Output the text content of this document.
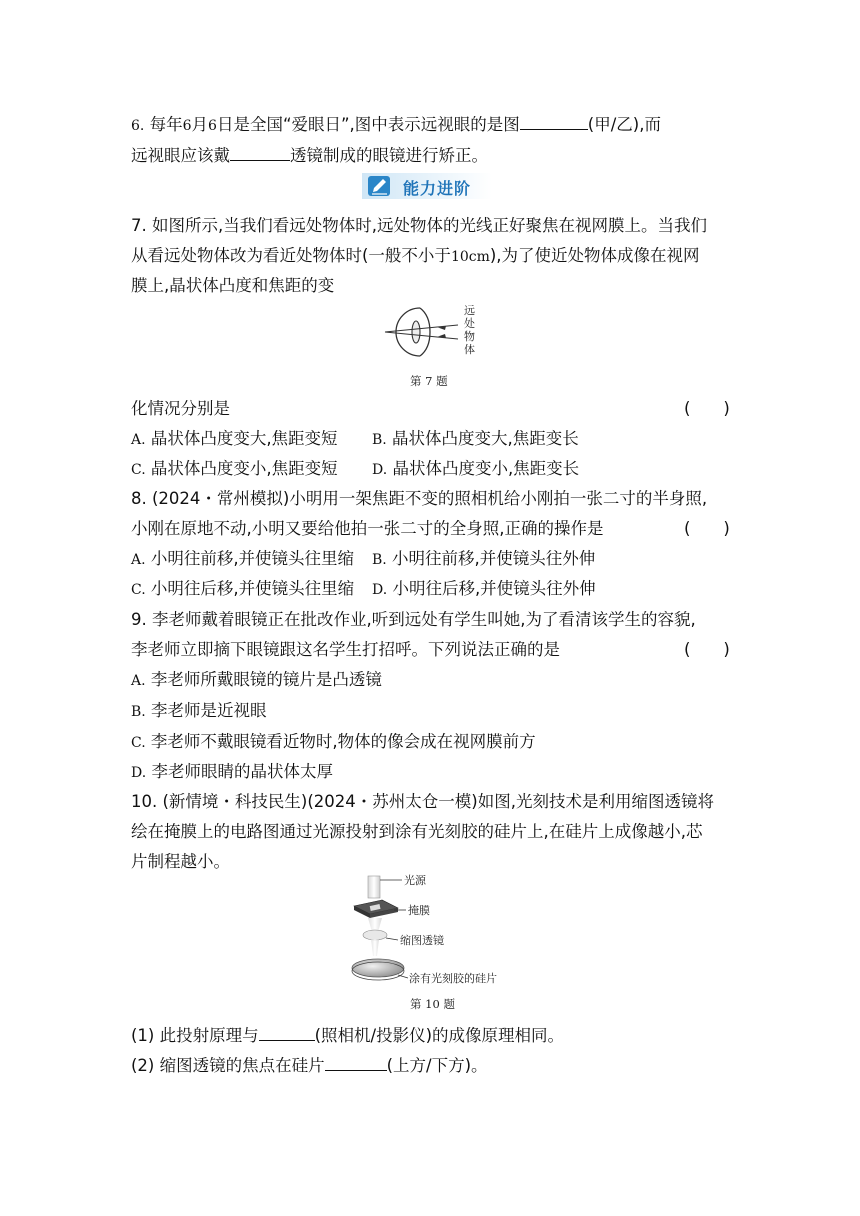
6. 每年6月6日是全国“爱眼日”,图中表示远视眼的是图	(甲/乙),而
远视眼应该戴	透镜制成的眼镜进行矫正。
能力进阶
7. 如图所示,当我们看远处物体时,远处物体的光线正好聚焦在视网膜上。当我们
从看远处物体改为看近处物体时(一般不小于10cm),为了使近处物体成像在视网
膜上,晶状体凸度和焦距的变
远
处
物
体
第 7 题
化情况分别是	(　　)
A. 晶状体凸度变大,焦距变短 B. 晶状体凸度变大,焦距变长
C. 晶状体凸度变小,焦距变短 D. 晶状体凸度变小,焦距变长
8. (2024・常州模拟)小明用一架焦距不变的照相机给小刚拍一张二寸的半身照,
小刚在原地不动,小明又要给他拍一张二寸的全身照,正确的操作是	(　　)
A. 小明往前移,并使镜头往里缩 B. 小明往前移,并使镜头往外伸
C. 小明往后移,并使镜头往里缩 D. 小明往后移,并使镜头往外伸
9. 李老师戴着眼镜正在批改作业,听到远处有学生叫她,为了看清该学生的容貌,
李老师立即摘下眼镜跟这名学生打招呼。下列说法正确的是	(　　)
A. 李老师所戴眼镜的镜片是凸透镜
B. 李老师是近视眼
C. 李老师不戴眼镜看近物时,物体的像会成在视网膜前方
D. 李老师眼睛的晶状体太厚
10. (新情境・科技民生)(2024・苏州太仓一模)如图,光刻技术是利用缩图透镜将
绘在掩膜上的电路图通过光源投射到涂有光刻胶的硅片上,在硅片上成像越小,芯
片制程越小。
光源
掩膜
缩图透镜
涂有光刻胶的硅片
第 10 题
(1) 此投射原理与	(照相机/投影仪)的成像原理相同。
(2) 缩图透镜的焦点在硅片	(上方/下方)。
